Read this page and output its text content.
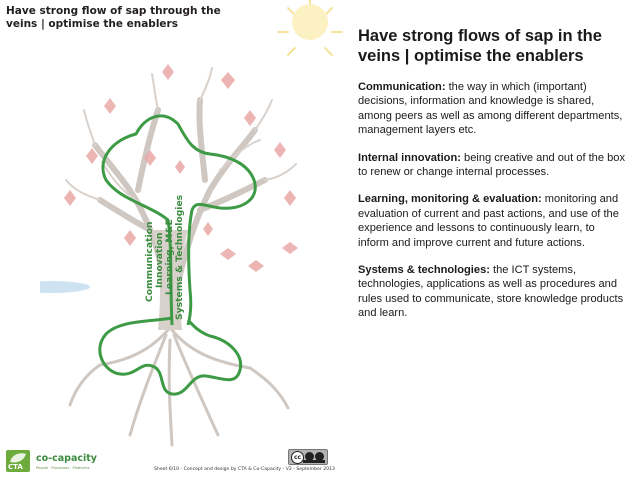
Have strong flow of sap through the veins | optimise the enablers
Communication Innovation Learning, M&E Systems & Technologies
Have strong flows of sap in the veins | optimise the enablers

Communication: the way in which (important) decisions, information and knowledge is shared, among peers as well as among different departments, management layers etc.

Internal innovation: being creative and out of the box to renew or change internal processes.

Learning, monitoring & evaluation: monitoring and evaluation of current and past actions, and use of the experience and lessons to continuously learn, to inform and improve current and future actions.

Systems & technologies: the ICT systems, technologies, applications as well as procedures and rules used to communicate, store knowledge products and learn.

CTA
co-capacity
People · Processes · Platforms
cc
Sheet 6/10 - Concept and design by CTA & Co-Capacity - V2 - September 2013
